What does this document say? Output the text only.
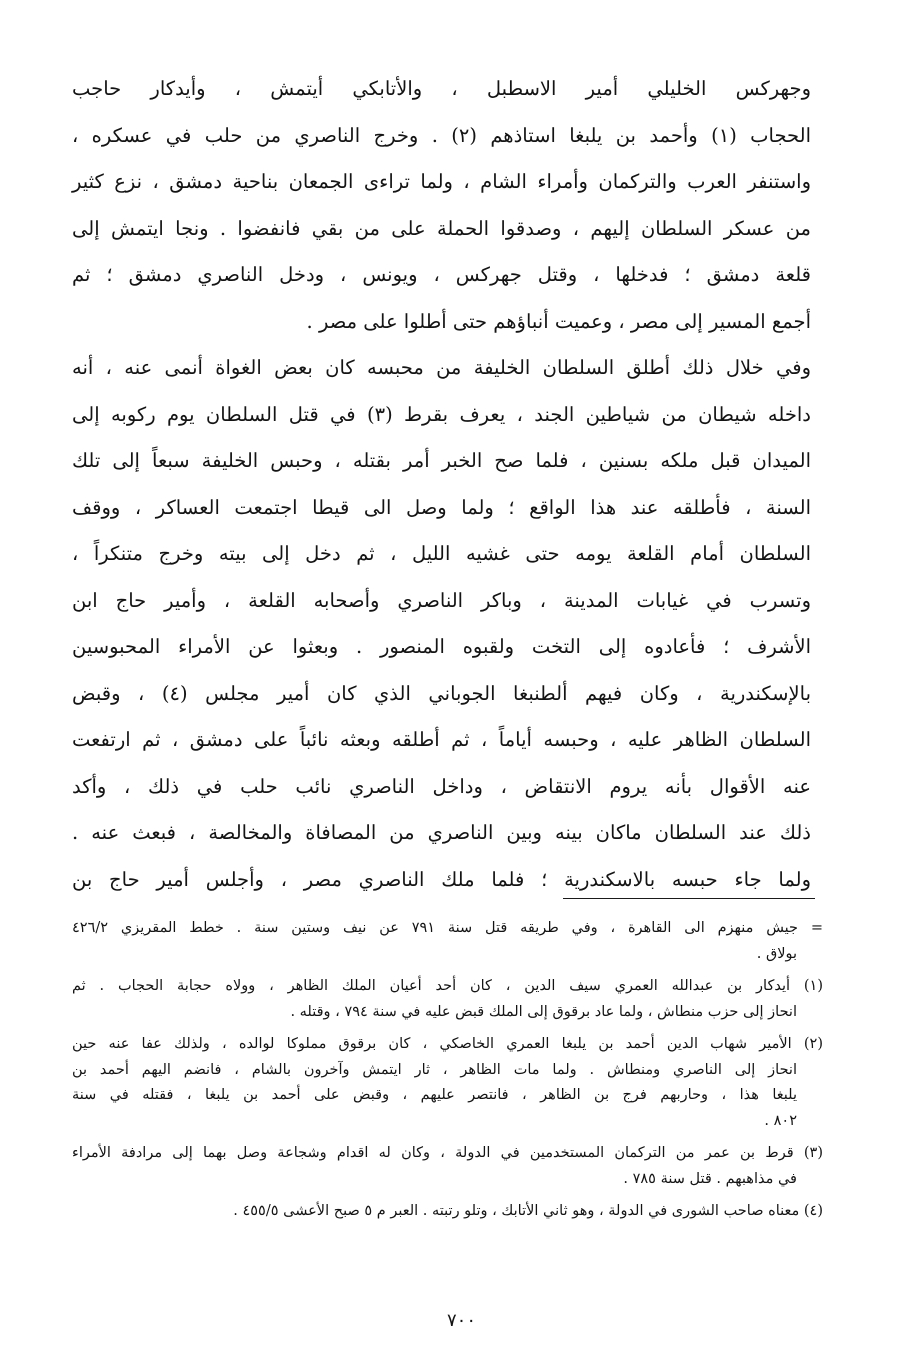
وجهركس الخليلي أمير الاسطبل ، والأتابكي أيتمش ، وأيدكار حاجب
الحجاب (١) وأحمد بن يلبغا استاذهم (٢) . وخرج الناصري من حلب في عسكره ،
واستنفر العرب والتركمان وأمراء الشام ، ولما تراءى الجمعان بناحية دمشق ، نزع كثير
من عسكر السلطان إليهم ، وصدقوا الحملة على من بقي فانفضوا . ونجا ايتمش إلى
قلعة دمشق ؛ فدخلها ، وقتل جهركس ، ويونس ، ودخل الناصري دمشق ؛ ثم
أجمع المسير إلى مصر ، وعميت أنباؤهم حتى أطلوا على مصر .
وفي خلال ذلك أطلق السلطان الخليفة من محبسه كان بعض الغواة أنمى عنه ، أنه
داخله شيطان من شياطين الجند ، يعرف بقرط (٣) في قتل السلطان يوم ركوبه إلى
الميدان قبل ملكه بسنين ، فلما صح الخبر أمر بقتله ، وحبس الخليفة سبعاً إلى تلك
السنة ، فأطلقه عند هذا الواقع ؛ ولما وصل الى قيطا اجتمعت العساكر ، ووقف
السلطان أمام القلعة يومه حتى غشيه الليل ، ثم دخل إلى بيته وخرج متنكراً ،
وتسرب في غيابات المدينة ، وباكر الناصري وأصحابه القلعة ، وأمير حاج ابن
الأشرف ؛ فأعادوه إلى التخت ولقبوه المنصور . وبعثوا عن الأمراء المحبوسين
بالإسكندرية ، وكان فيهم ألطنبغا الجوباني الذي كان أمير مجلس (٤) ، وقبض
السلطان الظاهر عليه ، وحبسه أياماً ، ثم أطلقه وبعثه نائباً على دمشق ، ثم ارتفعت
عنه الأقوال بأنه يروم الانتقاض ، وداخل الناصري نائب حلب في ذلك ، وأكد
ذلك عند السلطان ماكان بينه وبين الناصري من المصافاة والمخالصة ، فبعث عنه .
ولما جاء حبسه بالاسكندرية ؛ فلما ملك الناصري مصر ، وأجلس أمير حاج بن
= جيش منهزم الى القاهرة ، وفي طريقه قتل سنة ٧٩١ عن نيف وستين سنة . خطط المقريزي ٤٢٦/٢
بولاق .
(١) أيدكار بن عبدالله العمري سيف الدين ، كان أحد أعيان الملك الظاهر ، وولاه حجابة الحجاب . ثم
انحاز إلى حزب منطاش ، ولما عاد برقوق إلى الملك قبض عليه في سنة ٧٩٤ ، وقتله .
(٢) الأمير شهاب الدين أحمد بن يلبغا العمري الخاصكي ، كان برقوق مملوكا لوالده ، ولذلك عفا عنه حين
انحاز إلى الناصري ومنطاش . ولما مات الظاهر ، ثار ايتمش وآخرون بالشام ، فانضم اليهم أحمد بن
يلبغا هذا ، وحاربهم فرج بن الظاهر ، فانتصر عليهم ، وقبض على أحمد بن يلبغا ، فقتله في سنة
٨٠٢ .
(٣) قرط بن عمر من التركمان المستخدمين في الدولة ، وكان له اقدام وشجاعة وصل بهما إلى مرادفة الأمراء
في مذاهبهم . قتل سنة ٧٨٥ .
(٤) معناه صاحب الشورى في الدولة ، وهو ثاني الأتابك ، وتلو رتبته . العبر م ٥ صبح الأعشى ٤٥٥/٥ .
٧٠٠
